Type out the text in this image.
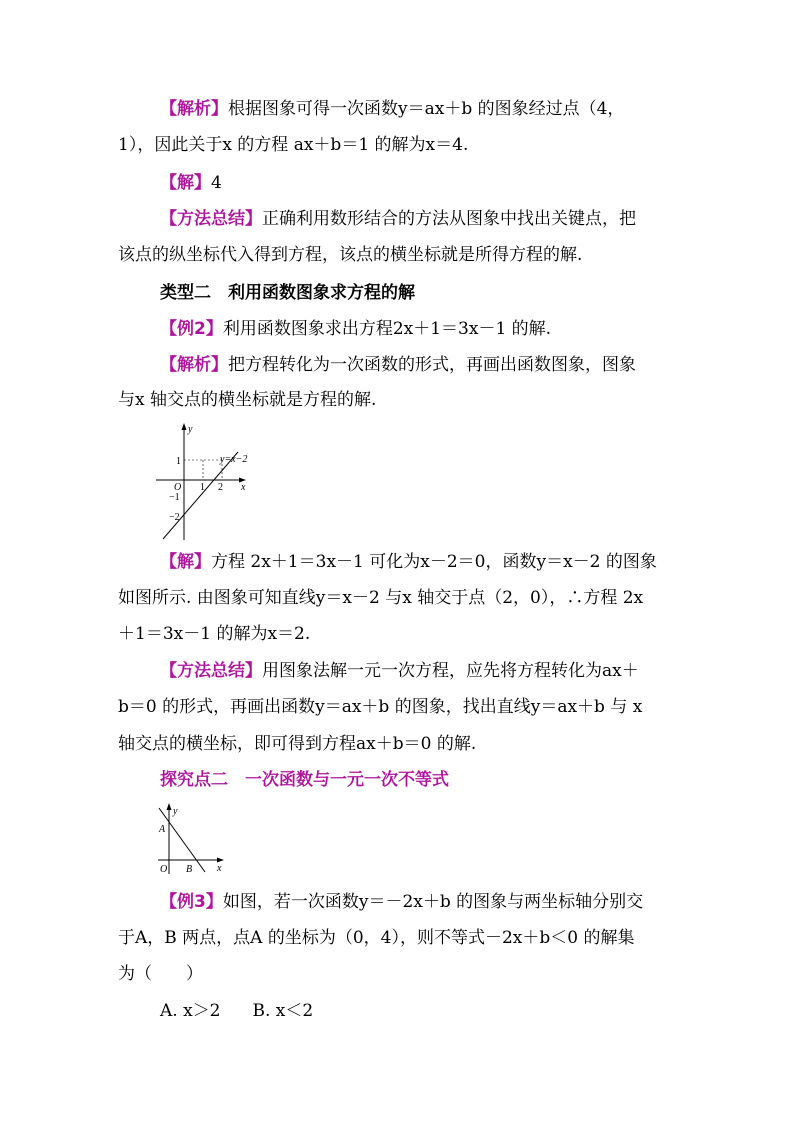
【解析】根据图象可得一次函数y＝ax＋b 的图象经过点（4，
1），因此关于x 的方程 ax＋b＝1 的解为x＝4.
【解】4
【方法总结】正确利用数形结合的方法从图象中找出关键点，把
该点的纵坐标代入得到方程，该点的横坐标就是所得方程的解.
类型二　利用函数图象求方程的解
【例2】利用函数图象求出方程2x＋1＝3x－1 的解.
【解析】把方程转化为一次函数的形式，再画出函数图象，图象
与x 轴交点的横坐标就是方程的解.
y
x
y=x−2
O 1 2
1
−1
−2
【解】方程 2x＋1＝3x－1 可化为x－2＝0，函数y＝x－2 的图象
如图所示. 由图象可知直线y＝x－2 与x 轴交于点（2，0），∴方程 2x
＋1＝3x－1 的解为x＝2.
【方法总结】用图象法解一元一次方程，应先将方程转化为ax＋
b＝0 的形式，再画出函数y＝ax＋b 的图象，找出直线y＝ax＋b 与 x
轴交点的横坐标，即可得到方程ax＋b＝0 的解.
探究点二　一次函数与一元一次不等式
y
x
A
B
O
【例3】如图，若一次函数y＝－2x＋b 的图象与两坐标轴分别交
于A，B 两点，点A 的坐标为（0，4），则不等式－2x＋b＜0 的解集
为（　　）
A. x＞2 B. x＜2
